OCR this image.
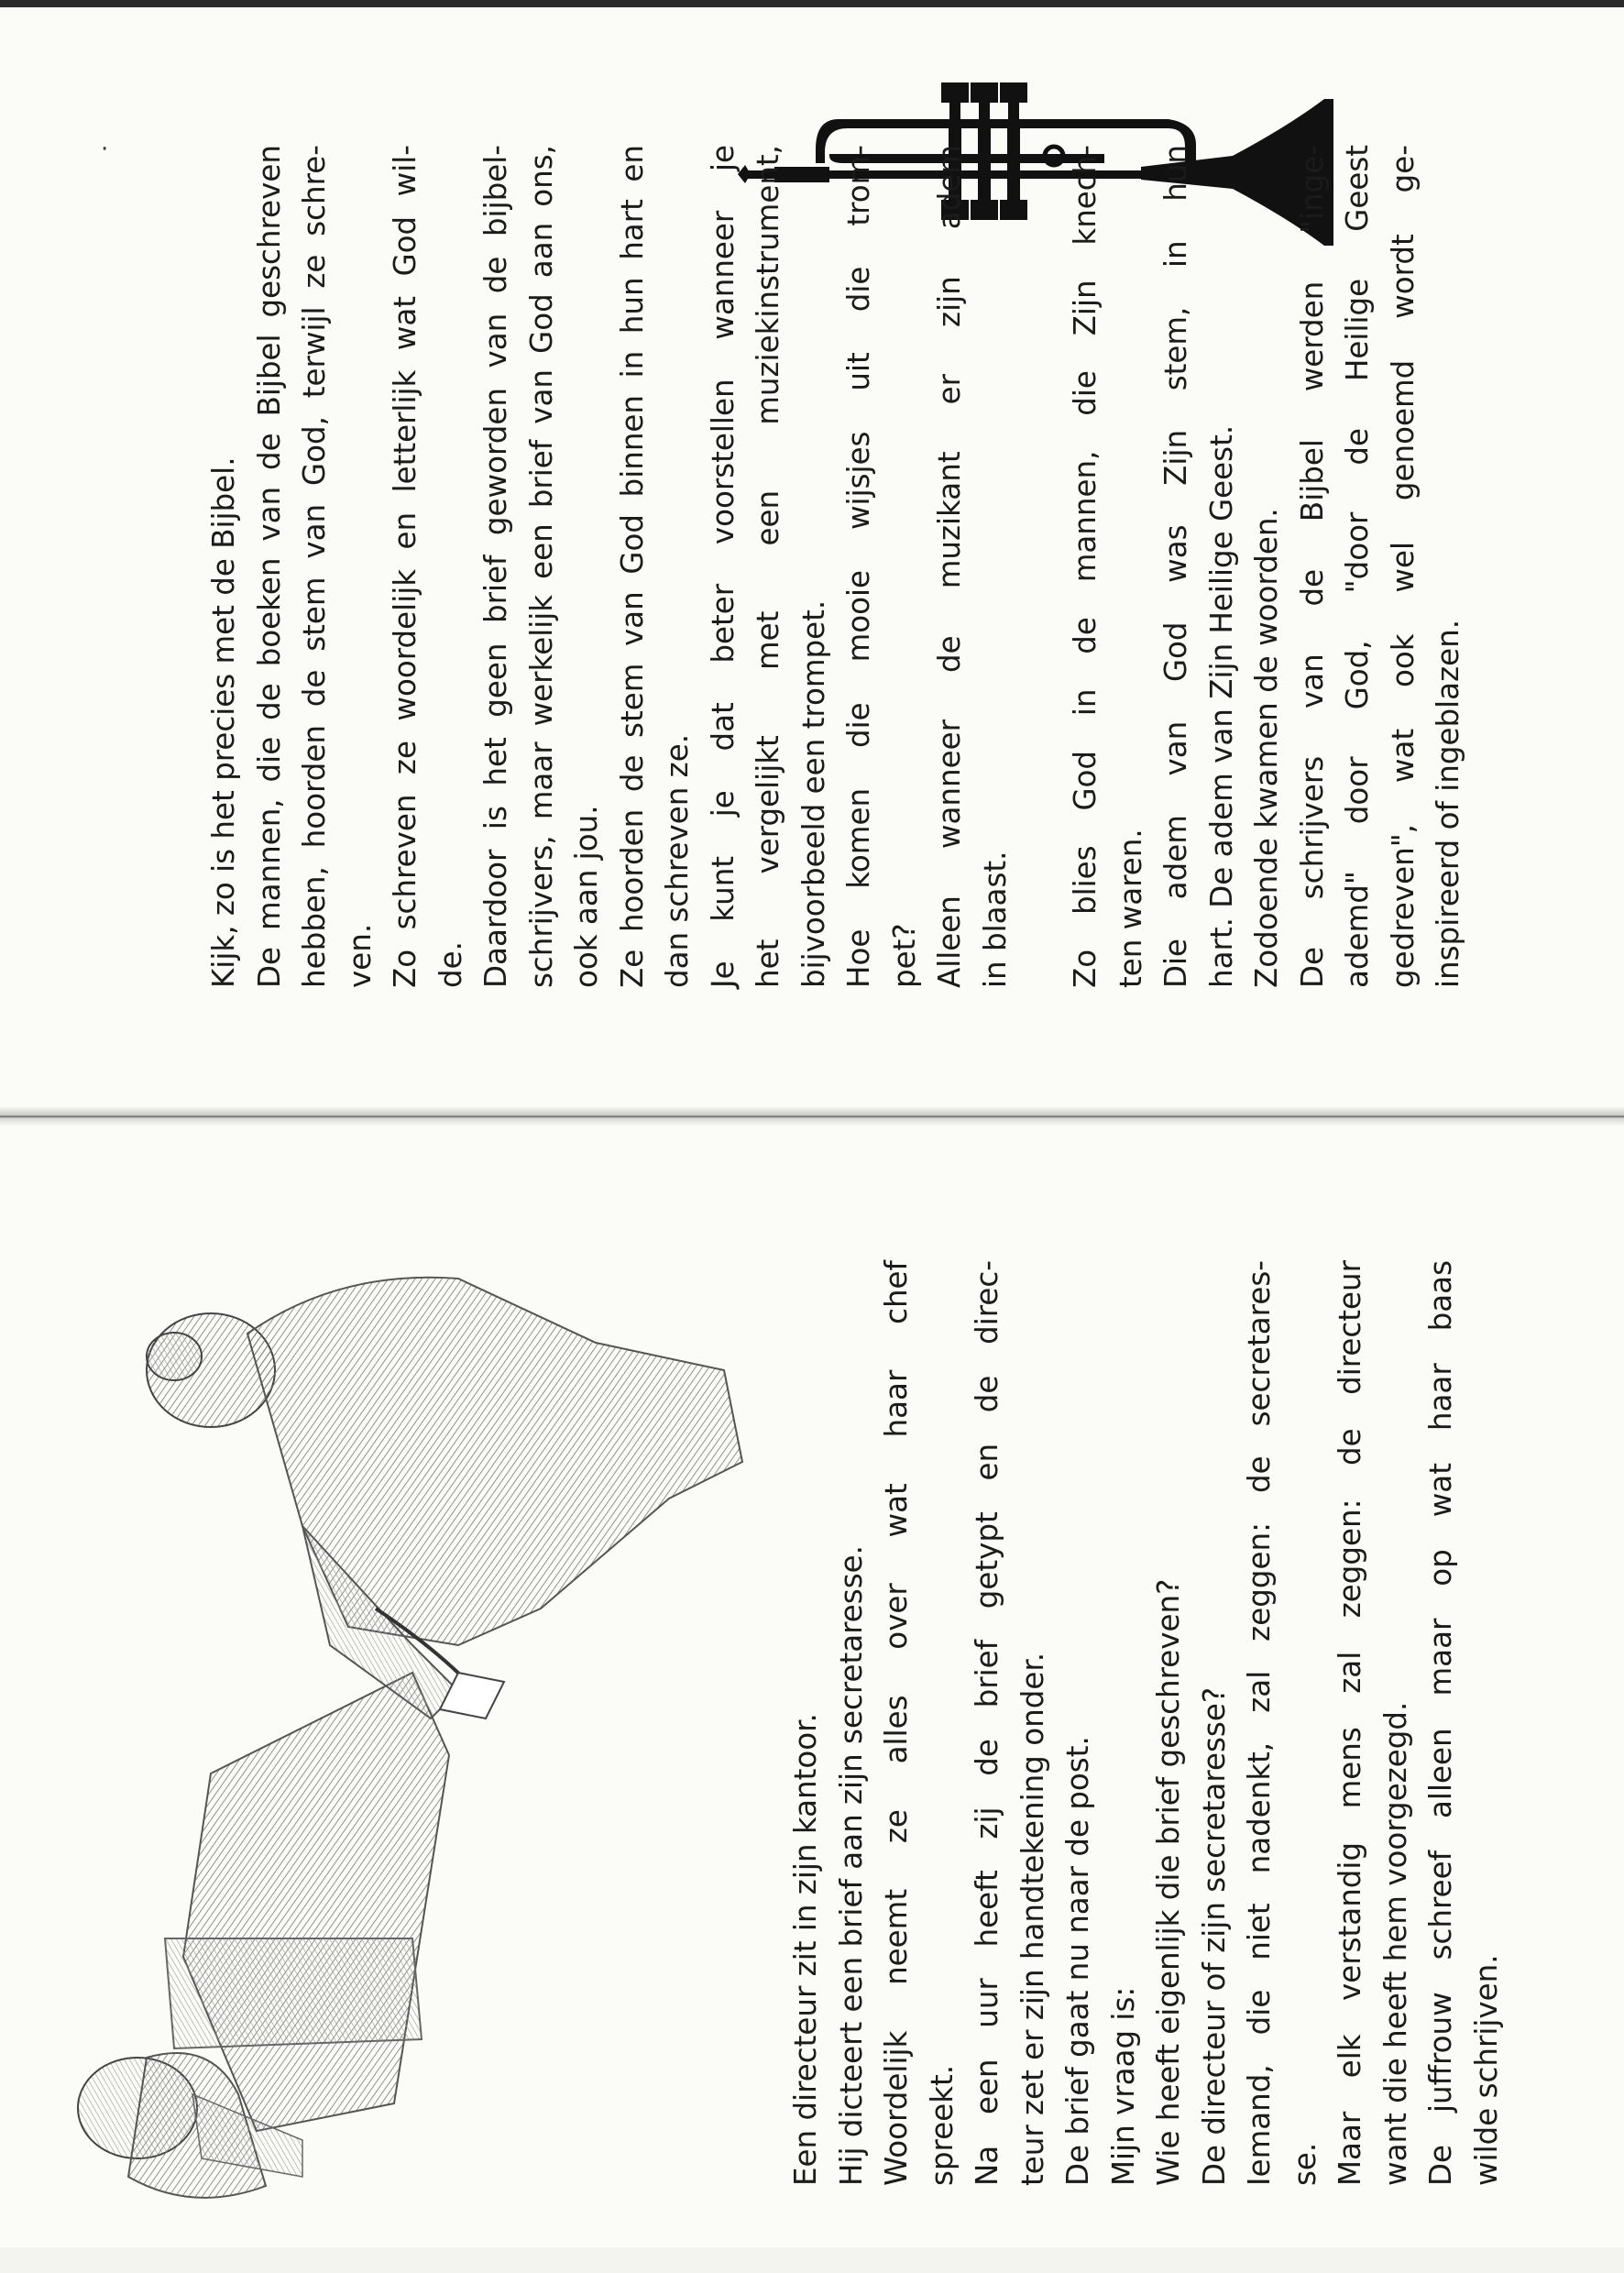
·
Kijk, zo is het precies met de Bijbel. De mannen, die de boeken van de Bijbel geschreven hebben, hoorden de stem van God, terwijl ze schre- ven. Zo schreven ze woordelijk en letterlijk wat God wil- de. Daardoor is het geen brief geworden van de bijbel- schrijvers, maar werkelijk een brief van God aan ons, ook aan jou. Ze hoorden de stem van God binnen in hun hart en dan schreven ze. Je kunt je dat beter voorstellen wanneer je het vergelijkt met een muziekinstrument, bijvoorbeeld een trompet. Hoe komen die mooie wijsjes uit die trom- pet? Alleen wanneer de muzikant er zijn adem in blaast. Zo blies God in de mannen, die Zijn knech- ten waren. Die adem van God was Zijn stem, in hun hart. De adem van Zijn Heilige Geest. Zodoende kwamen de woorden. De schrijvers van de Bijbel werden "inge- ademd" door God, "door de Heilige Geest gedreven", wat ook wel genoemd wordt ge- inspireerd of ingeblazen.
Een directeur zit in zijn kantoor. Hij dicteert een brief aan zijn secretaresse. Woordelijk neemt ze alles over wat haar chef spreekt. Na een uur heeft zij de brief getypt en de direc- teur zet er zijn handtekening onder. De brief gaat nu naar de post. Mijn vraag is: Wie heeft eigenlijk die brief geschreven? De directeur of zijn secretaresse? Iemand, die niet nadenkt, zal zeggen: de secretares- se. Maar elk verstandig mens zal zeggen: de directeur want die heeft hem voorgezegd. De juffrouw schreef alleen maar op wat haar baas wilde schrijven.
